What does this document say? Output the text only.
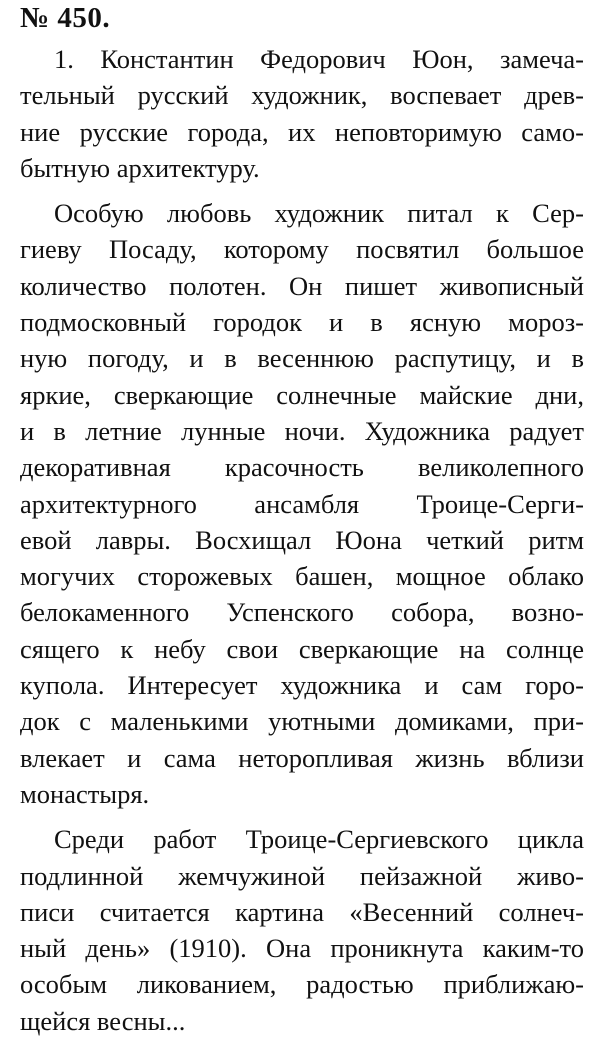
№ 450.
1. Константин Федорович Юон, замеча-
тельный русский художник, воспевает древ-
ние русские города, их неповторимую само-
бытную архитектуру.
Особую любовь художник питал к Сер-
гиеву Посаду, которому посвятил большое
количество полотен. Он пишет живописный
подмосковный городок и в ясную мороз-
ную погоду, и в весеннюю распутицу, и в
яркие, сверкающие солнечные майские дни,
и в летние лунные ночи. Художника радует
декоративная красочность великолепного
архитектурного ансамбля Троице-Серги-
евой лавры. Восхищал Юона четкий ритм
могучих сторожевых башен, мощное облако
белокаменного Успенского собора, возно-
сящего к небу свои сверкающие на солнце
купола. Интересует художника и сам горо-
док с маленькими уютными домиками, при-
влекает и сама неторопливая жизнь вблизи
монастыря.
Среди работ Троице-Сергиевского цикла
подлинной жемчужиной пейзажной живо-
писи считается картина «Весенний солнеч-
ный день» (1910). Она проникнута каким-то
особым ликованием, радостью приближаю-
щейся весны...
